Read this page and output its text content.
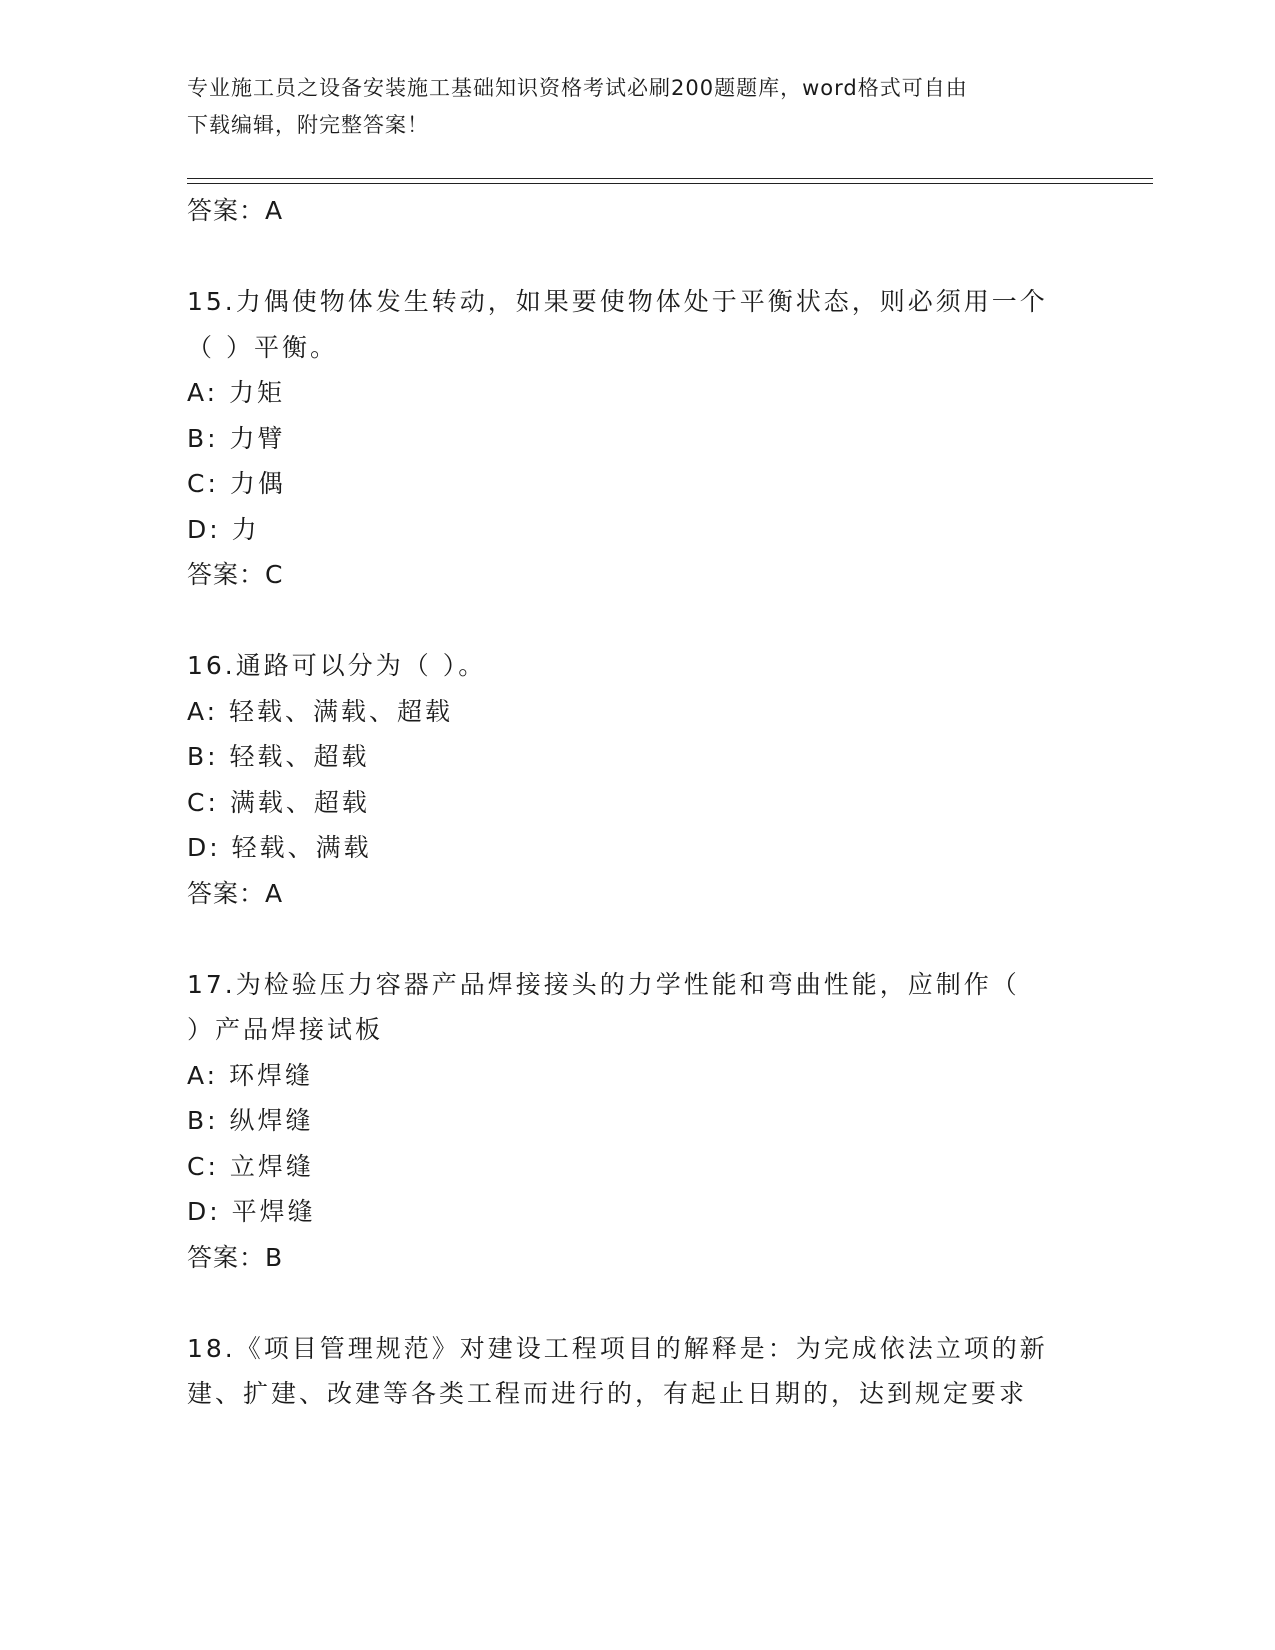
专业施工员之设备安装施工基础知识资格考试必刷200题题库，word格式可自由
下载编辑，附完整答案！
答案：A
15.力偶使物体发生转动，如果要使物体处于平衡状态，则必须用一个
（ ）平衡。
A: 力矩
B: 力臂
C: 力偶
D: 力
答案：C
16.通路可以分为（ ）。
A: 轻载、满载、超载
B: 轻载、超载
C: 满载、超载
D: 轻载、满载
答案：A
17.为检验压力容器产品焊接接头的力学性能和弯曲性能，应制作（
）产品焊接试板
A: 环焊缝
B: 纵焊缝
C: 立焊缝
D: 平焊缝
答案：B
18.《项目管理规范》对建设工程项目的解释是：为完成依法立项的新
建、扩建、改建等各类工程而进行的，有起止日期的，达到规定要求
